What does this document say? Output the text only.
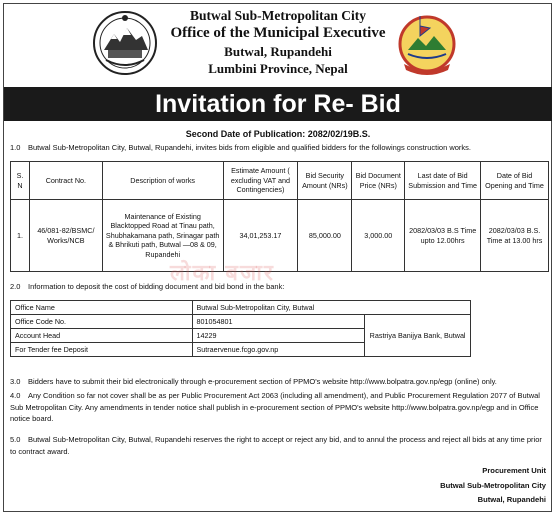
Butwal Sub-Metropolitan City
Office of the Municipal Executive
Butwal, Rupandehi
Lumbini Province, Nepal
Invitation for Re- Bid
Second Date of Publication: 2082/02/19B.S.
1.0 Butwal Sub-Metropolitan City, Butwal, Rupandehi, invites bids from eligible and qualified bidders for the followings construction works.
S. N	Contract No.	Description of works	Estimate Amount ( excluding VAT and Contingencies)	Bid Security Amount (NRs)	Bid Document Price (NRs)	Last date of Bid Submission and Time	Date of Bid Opening and Time
1.	46/081-82/BSMC/ Works/NCB	Maintenance of Existing Blacktopped Road at Tinau path, Shubhakamana path, Srinagar path & Bhrikuti path, Butwal —08 & 09, Rupandehi	34,01,253.17	85,000.00	3,000.00	2082/03/03 B.S Time upto 12.00hrs	2082/03/03 B.S. Time at 13.00 hrs
लोका बजार
2.0 Information to deposit the cost of bidding document and bid bond in the bank:
Office Name	Butwal Sub-Metropolitan City, Butwal	
Office Code No.	801054801	Rastriya Banijya Bank, Butwal
Account Head	14229	
For Tender fee Deposit	Sutraervenue.fcgo.gov.np	
3.0 Bidders have to submit their bid electronically through e-procurement section of PPMO's website http://www.bolpatra.gov.np/egp (online) only.
4.0 Any Condition so far not cover shall be as per Public Procurement Act 2063 (including all amendment), and Public Procurement Regulation 2077 of Butwal Sub Metropolitan City. Any amendments in tender notice shall publish in e-procurement section of PPMO's website http://www.bolpatra.gov.np/egp and in Office notice board.
5.0 Butwal Sub-Metropolitan City, Butwal, Rupandehi reserves the right to accept or reject any bid, and to annul the process and reject all bids at any time prior to contract award.
Procurement Unit
Butwal Sub-Metropolitan City
Butwal, Rupandehi
